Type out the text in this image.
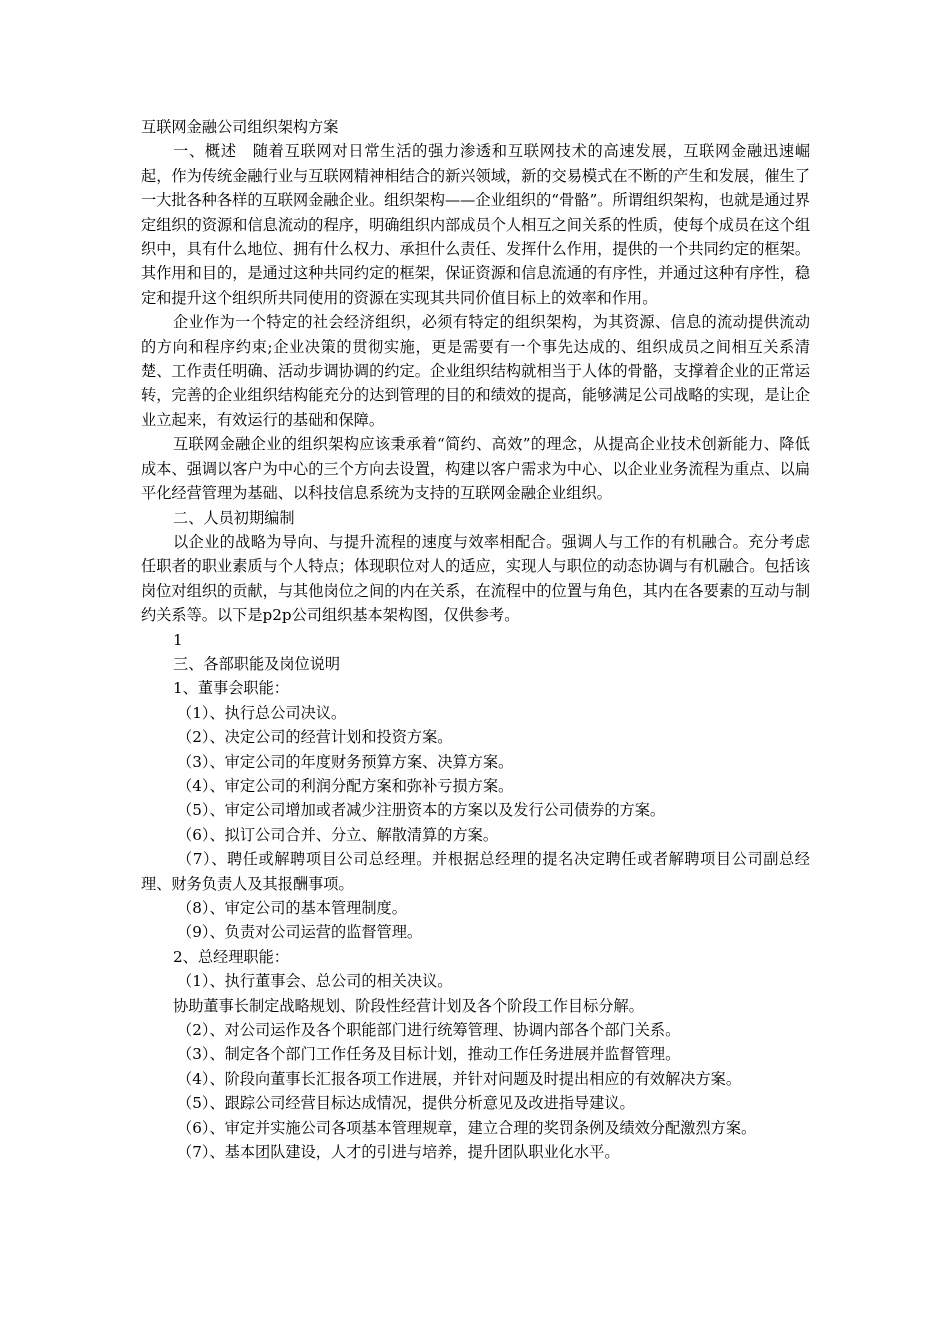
互联网金融公司组织架构方案

一、概述　随着互联网对日常生活的强力渗透和互联网技术的高速发展，互联网金融迅速崛起，作为传统金融行业与互联网精神相结合的新兴领域，新的交易模式在不断的产生和发展，催生了一大批各种各样的互联网金融企业。组织架构——企业组织的“骨骼”。所谓组织架构，也就是通过界定组织的资源和信息流动的程序，明确组织内部成员个人相互之间关系的性质，使每个成员在这个组织中，具有什么地位、拥有什么权力、承担什么责任、发挥什么作用，提供的一个共同约定的框架。其作用和目的，是通过这种共同约定的框架，保证资源和信息流通的有序性，并通过这种有序性，稳定和提升这个组织所共同使用的资源在实现其共同价值目标上的效率和作用。

企业作为一个特定的社会经济组织，必须有特定的组织架构，为其资源、信息的流动提供流动的方向和程序约束;企业决策的贯彻实施，更是需要有一个事先达成的、组织成员之间相互关系清楚、工作责任明确、活动步调协调的约定。企业组织结构就相当于人体的骨骼，支撑着企业的正常运转，完善的企业组织结构能充分的达到管理的目的和绩效的提高，能够满足公司战略的实现，是让企业立起来，有效运行的基础和保障。

互联网金融企业的组织架构应该秉承着“简约、高效”的理念，从提高企业技术创新能力、降低成本、强调以客户为中心的三个方向去设置，构建以客户需求为中心、以企业业务流程为重点、以扁平化经营管理为基础、以科技信息系统为支持的互联网金融企业组织。

二、人员初期编制

以企业的战略为导向、与提升流程的速度与效率相配合。强调人与工作的有机融合。充分考虑任职者的职业素质与个人特点；体现职位对人的适应，实现人与职位的动态协调与有机融合。包括该岗位对组织的贡献，与其他岗位之间的内在关系，在流程中的位置与角色，其内在各要素的互动与制约关系等。以下是p2p公司组织基本架构图，仅供参考。

1

三、各部职能及岗位说明

1、董事会职能：

（1）、执行总公司决议。

（2）、决定公司的经营计划和投资方案。

（3）、审定公司的年度财务预算方案、决算方案。

（4）、审定公司的利润分配方案和弥补亏损方案。

（5）、审定公司增加或者减少注册资本的方案以及发行公司债券的方案。

（6）、拟订公司合并、分立、解散清算的方案。

（7）、聘任或解聘项目公司总经理。并根据总经理的提名决定聘任或者解聘项目公司副总经理、财务负责人及其报酬事项。

（8）、审定公司的基本管理制度。

（9）、负责对公司运营的监督管理。

2、总经理职能：

（1）、执行董事会、总公司的相关决议。

协助董事长制定战略规划、阶段性经营计划及各个阶段工作目标分解。

（2）、对公司运作及各个职能部门进行统筹管理、协调内部各个部门关系。

（3）、制定各个部门工作任务及目标计划，推动工作任务进展并监督管理。

（4）、阶段向董事长汇报各项工作进展，并针对问题及时提出相应的有效解决方案。

（5）、跟踪公司经营目标达成情况，提供分析意见及改进指导建议。

（6）、审定并实施公司各项基本管理规章，建立合理的奖罚条例及绩效分配激烈方案。

（7）、基本团队建设，人才的引进与培养，提升团队职业化水平。
